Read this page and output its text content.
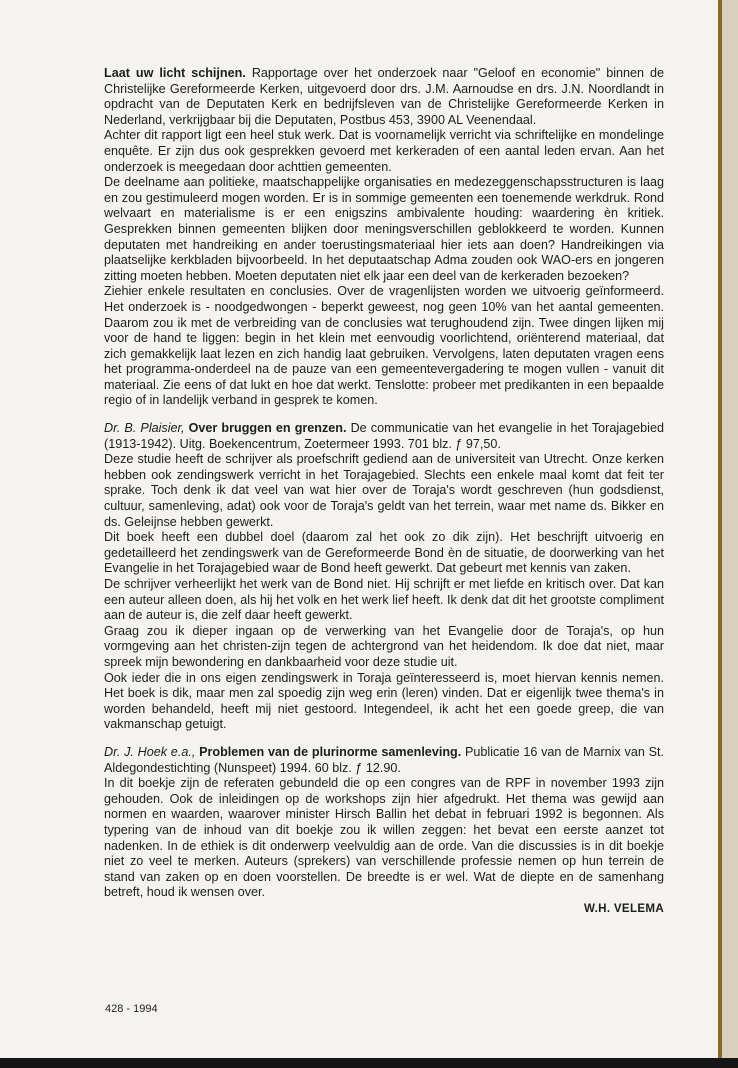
Laat uw licht schijnen. Rapportage over het onderzoek naar "Geloof en economie" binnen de Christelijke Gereformeerde Kerken, uitgevoerd door drs. J.M. Aarnoudse en drs. J.N. Noordlandt in opdracht van de Deputaten Kerk en bedrijfsleven van de Christelijke Gereformeerde Kerken in Nederland, verkrijgbaar bij die Deputaten, Postbus 453, 3900 AL Veenendaal.

Achter dit rapport ligt een heel stuk werk. Dat is voornamelijk verricht via schriftelijke en mondelinge enquête. Er zijn dus ook gesprekken gevoerd met kerkeraden of een aantal leden ervan. Aan het onderzoek is meegedaan door achttien gemeenten.

De deelname aan politieke, maatschappelijke organisaties en medezeggenschapsstructuren is laag en zou gestimuleerd mogen worden. Er is in sommige gemeenten een toenemende werkdruk. Rond welvaart en materialisme is er een enigszins ambivalente houding: waardering èn kritiek. Gesprekken binnen gemeenten blijken door meningsverschillen geblokkeerd te worden. Kunnen deputaten met handreiking en ander toerustingsmateriaal hier iets aan doen? Handreikingen via plaatselijke kerkbladen bijvoorbeeld. In het deputaatschap Adma zouden ook WAO-ers en jongeren zitting moeten hebben. Moeten deputaten niet elk jaar een deel van de kerkeraden bezoeken?

Ziehier enkele resultaten en conclusies. Over de vragenlijsten worden we uitvoerig geïnformeerd. Het onderzoek is - noodgedwongen - beperkt geweest, nog geen 10% van het aantal gemeenten. Daarom zou ik met de verbreiding van de conclusies wat terughoudend zijn. Twee dingen lijken mij voor de hand te liggen: begin in het klein met eenvoudig voorlichtend, oriënterend materiaal, dat zich gemakkelijk laat lezen en zich handig laat gebruiken. Vervolgens, laten deputaten vragen eens het programma-onderdeel na de pauze van een gemeentevergadering te mogen vullen - vanuit dit materiaal. Zie eens of dat lukt en hoe dat werkt. Tenslotte: probeer met predikanten in een bepaalde regio of in landelijk verband in gesprek te komen.

Dr. B. Plaisier, Over bruggen en grenzen. De communicatie van het evangelie in het Torajagebied (1913-1942). Uitg. Boekencentrum, Zoetermeer 1993. 701 blz. ƒ 97,50.

Deze studie heeft de schrijver als proefschrift gediend aan de universiteit van Utrecht. Onze kerken hebben ook zendingswerk verricht in het Torajagebied. Slechts een enkele maal komt dat feit ter sprake. Toch denk ik dat veel van wat hier over de Toraja's wordt geschreven (hun godsdienst, cultuur, samenleving, adat) ook voor de Toraja's geldt van het terrein, waar met name ds. Bikker en ds. Geleijnse hebben gewerkt.

Dit boek heeft een dubbel doel (daarom zal het ook zo dik zijn). Het beschrijft uitvoerig en gedetailleerd het zendingswerk van de Gereformeerde Bond èn de situatie, de doorwerking van het Evangelie in het Torajagebied waar de Bond heeft gewerkt. Dat gebeurt met kennis van zaken.

De schrijver verheerlijkt het werk van de Bond niet. Hij schrijft er met liefde en kritisch over. Dat kan een auteur alleen doen, als hij het volk en het werk lief heeft. Ik denk dat dit het grootste compliment aan de auteur is, die zelf daar heeft gewerkt.

Graag zou ik dieper ingaan op de verwerking van het Evangelie door de Toraja's, op hun vormgeving aan het christen-zijn tegen de achtergrond van het heidendom. Ik doe dat niet, maar spreek mijn bewondering en dankbaarheid voor deze studie uit.

Ook ieder die in ons eigen zendingswerk in Toraja geïnteresseerd is, moet hiervan kennis nemen. Het boek is dik, maar men zal spoedig zijn weg erin (leren) vinden. Dat er eigenlijk twee thema's in worden behandeld, heeft mij niet gestoord. Integendeel, ik acht het een goede greep, die van vakmanschap getuigt.

Dr. J. Hoek e.a., Problemen van de plurinorme samenleving. Publicatie 16 van de Marnix van St. Aldegondestichting (Nunspeet) 1994. 60 blz. ƒ 12.90.

In dit boekje zijn de referaten gebundeld die op een congres van de RPF in november 1993 zijn gehouden. Ook de inleidingen op de workshops zijn hier afgedrukt. Het thema was gewijd aan normen en waarden, waarover minister Hirsch Ballin het debat in februari 1992 is begonnen. Als typering van de inhoud van dit boekje zou ik willen zeggen: het bevat een eerste aanzet tot nadenken. In de ethiek is dit onderwerp veelvuldig aan de orde. Van die discussies is in dit boekje niet zo veel te merken. Auteurs (sprekers) van verschillende professie nemen op hun terrein de stand van zaken op en doen voorstellen. De breedte is er wel. Wat de diepte en de samenhang betreft, houd ik wensen over.

W.H. VELEMA

428 - 1994
